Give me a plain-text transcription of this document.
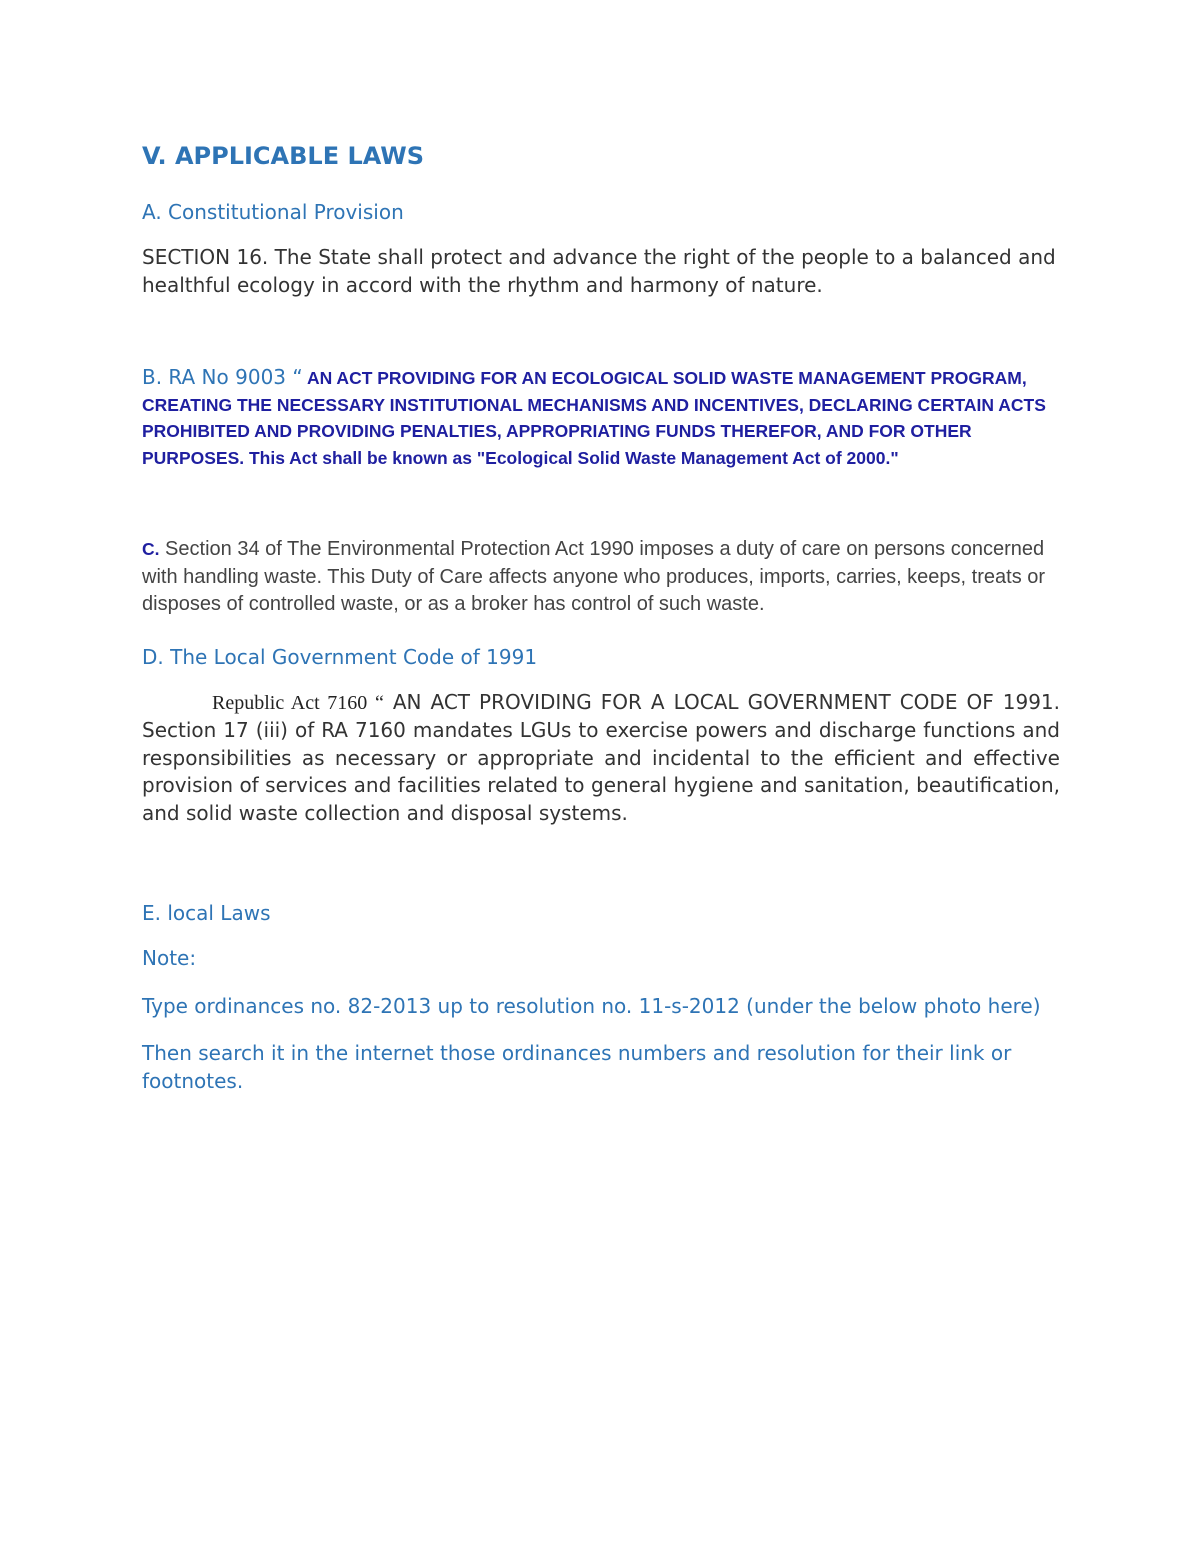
V. APPLICABLE LAWS
A. Constitutional Provision

SECTION 16. The State shall protect and advance the right of the people to a balanced and healthful ecology in accord with the rhythm and harmony of nature.

B. RA No 9003 “ AN ACT PROVIDING FOR AN ECOLOGICAL SOLID WASTE MANAGEMENT PROGRAM, CREATING THE NECESSARY INSTITUTIONAL MECHANISMS AND INCENTIVES, DECLARING CERTAIN ACTS PROHIBITED AND PROVIDING PENALTIES, APPROPRIATING FUNDS THEREFOR, AND FOR OTHER PURPOSES. This Act shall be known as "Ecological Solid Waste Management Act of 2000."
C. Section 34 of The Environmental Protection Act 1990 imposes a duty of care on persons concerned with handling waste. This Duty of Care affects anyone who produces, imports, carries, keeps, treats or disposes of controlled waste, or as a broker has control of such waste.
D. The Local Government Code of 1991

Republic Act 7160 “ AN ACT PROVIDING FOR A LOCAL GOVERNMENT CODE OF 1991. Section 17 (iii) of RA 7160 mandates LGUs to exercise powers and discharge functions and responsibilities as necessary or appropriate and incidental to the efficient and effective provision of services and facilities related to general hygiene and sanitation, beautification, and solid waste collection and disposal systems.

E. local Laws

Note:

Type ordinances no. 82-2013 up to resolution no. 11-s-2012 (under the below photo here)

Then search it in the internet those ordinances numbers and resolution for their link or footnotes.
